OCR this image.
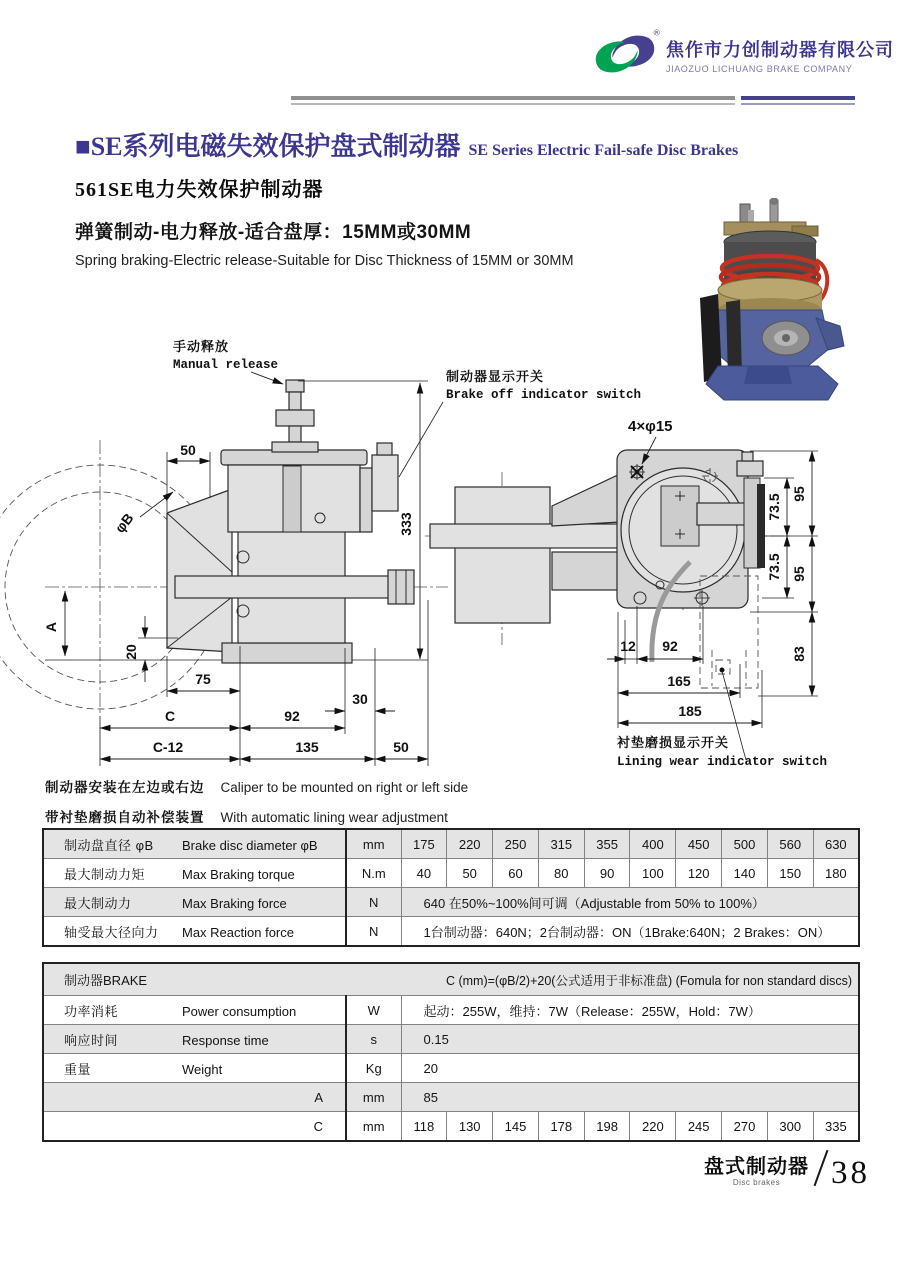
®
焦作市力创制动器有限公司
JIAOZUO LICHUANG BRAKE COMPANY
■SE系列电磁失效保护盘式制动器 SE Series Electric Fail-safe Disc Brakes
561SE电力失效保护制动器
弹簧制动-电力释放-适合盘厚：15MM或30MM
Spring braking-Electric release-Suitable for Disc Thickness of 15MM or 30MM
手动释放
Manual release
制动器显示开关
Brake off indicator switch
50
φB
A
20
333
75
C	92
30
C-12	135	50
4×φ15
衬垫磨损显示开关
Lining wear indicator switch
73.5
73.5
95
95
83
12 92
165
185
制动器安装在左边或右边 Caliper to be mounted on right or left side
带衬垫磨损自动补偿装置 With automatic lining wear adjustment
制动盘直径 φB Brake disc diameter φB	mm	175	220	250	315	355	400	450	500	560	630
最大制动力矩 Max Braking torque	N.m	40	50	60	80	90	100	120	140	150	180
最大制动力 Max Braking force	N	640 在50%~100%间可调（Adjustable from 50% to 100%）									
轴受最大径向力 Max Reaction force	N	1台制动器：640N；2台制动器：ON（1Brake:640N；2 Brakes：ON）									
制动器BRAKE	C (mm)=(φB/2)+20(公式适用于非标准盘) (Fomula for non standard discs)										
功率消耗 Power consumption	W	起动：255W，维持：7W（Release：255W，Hold：7W）									
响应时间 Response time	s	0.15									
重量 Weight	Kg	20									
A	mm	85									
C	mm	118	130	145	178	198	220	245	270	300	335
盘式制动器
Disc brakes	38
